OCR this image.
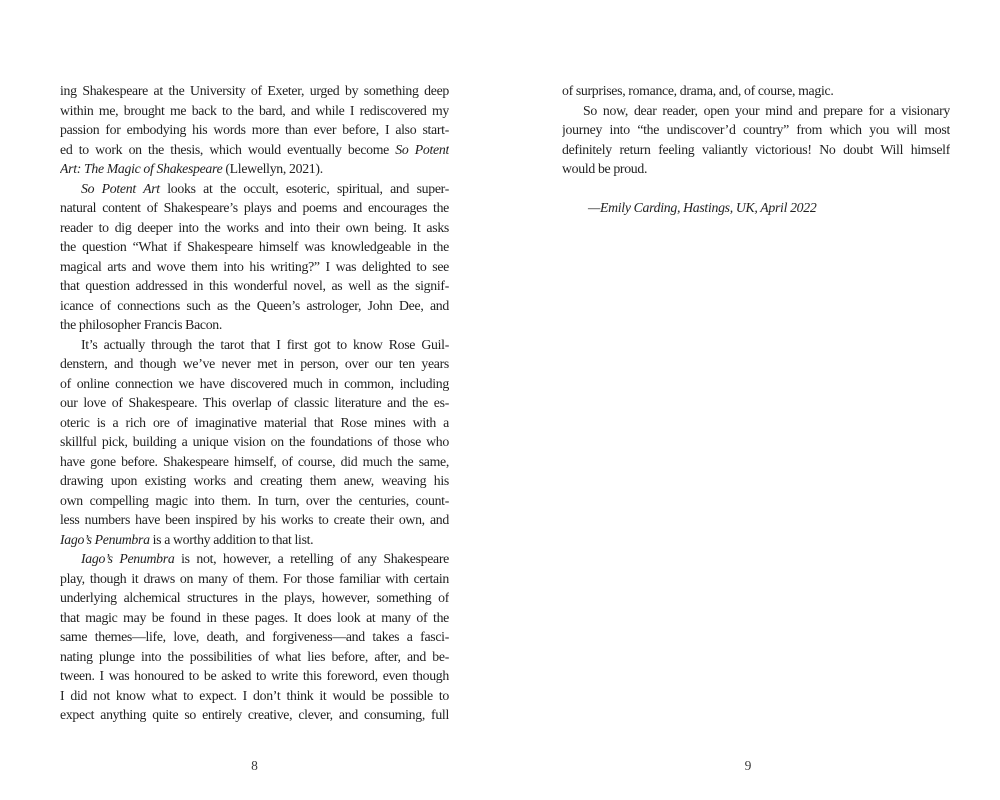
ing Shakespeare at the University of Exeter, urged by something deep
within me, brought me back to the bard, and while I rediscovered my
passion for embodying his words more than ever before, I also start-
ed to work on the thesis, which would eventually become So Potent
Art: The Magic of Shakespeare (Llewellyn, 2021).
So Potent Art looks at the occult, esoteric, spiritual, and super-
natural content of Shakespeare’s plays and poems and encourages the
reader to dig deeper into the works and into their own being. It asks
the question “What if Shakespeare himself was knowledgeable in the
magical arts and wove them into his writing?” I was delighted to see
that question addressed in this wonderful novel, as well as the signif-
icance of connections such as the Queen’s astrologer, John Dee, and
the philosopher Francis Bacon.
It’s actually through the tarot that I first got to know Rose Guil-
denstern, and though we’ve never met in person, over our ten years
of online connection we have discovered much in common, including
our love of Shakespeare. This overlap of classic literature and the es-
oteric is a rich ore of imaginative material that Rose mines with a
skillful pick, building a unique vision on the foundations of those who
have gone before. Shakespeare himself, of course, did much the same,
drawing upon existing works and creating them anew, weaving his
own compelling magic into them. In turn, over the centuries, count-
less numbers have been inspired by his works to create their own, and
Iago’s Penumbra is a worthy addition to that list.
Iago’s Penumbra is not, however, a retelling of any Shakespeare
play, though it draws on many of them. For those familiar with certain
underlying alchemical structures in the plays, however, something of
that magic may be found in these pages. It does look at many of the
same themes—life, love, death, and forgiveness—and takes a fasci-
nating plunge into the possibilities of what lies before, after, and be-
tween. I was honoured to be asked to write this foreword, even though
I did not know what to expect. I don’t think it would be possible to
expect anything quite so entirely creative, clever, and consuming, full
of surprises, romance, drama, and, of course, magic.
So now, dear reader, open your mind and prepare for a visionary
journey into “the undiscover’d country” from which you will most
definitely return feeling valiantly victorious! No doubt Will himself
would be proud.
—Emily Carding, Hastings, UK, April 2022
8	9
